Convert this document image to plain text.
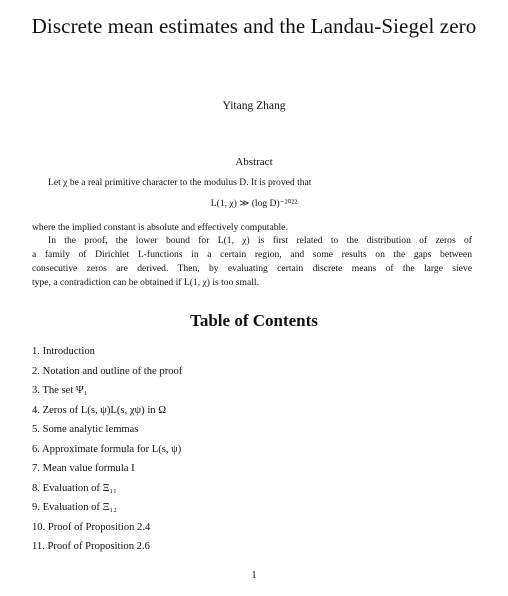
Discrete mean estimates and the Landau-Siegel zero
Yitang Zhang
Abstract
Let χ be a real primitive character to the modulus D. It is proved that
L(1, χ) ≫ (log D)⁻²⁰²²
where the implied constant is absolute and effectively computable.
In the proof, the lower bound for L(1, χ) is first related to the distribution of zeros of
a family of Dirichlet L-functions in a certain region, and some results on the gaps between
consecutive zeros are derived. Then, by evaluating certain discrete means of the large sieve
type, a contradiction can be obtained if L(1, χ) is too small.
Table of Contents
1. Introduction
2. Notation and outline of the proof
3. The set Ψ₁
4. Zeros of L(s, ψ)L(s, χψ) in Ω
5. Some analytic lemmas
6. Approximate formula for L(s, ψ)
7. Mean value formula I
8. Evaluation of Ξ₁₁
9. Evaluation of Ξ₁₂
10. Proof of Proposition 2.4
11. Proof of Proposition 2.6
1
